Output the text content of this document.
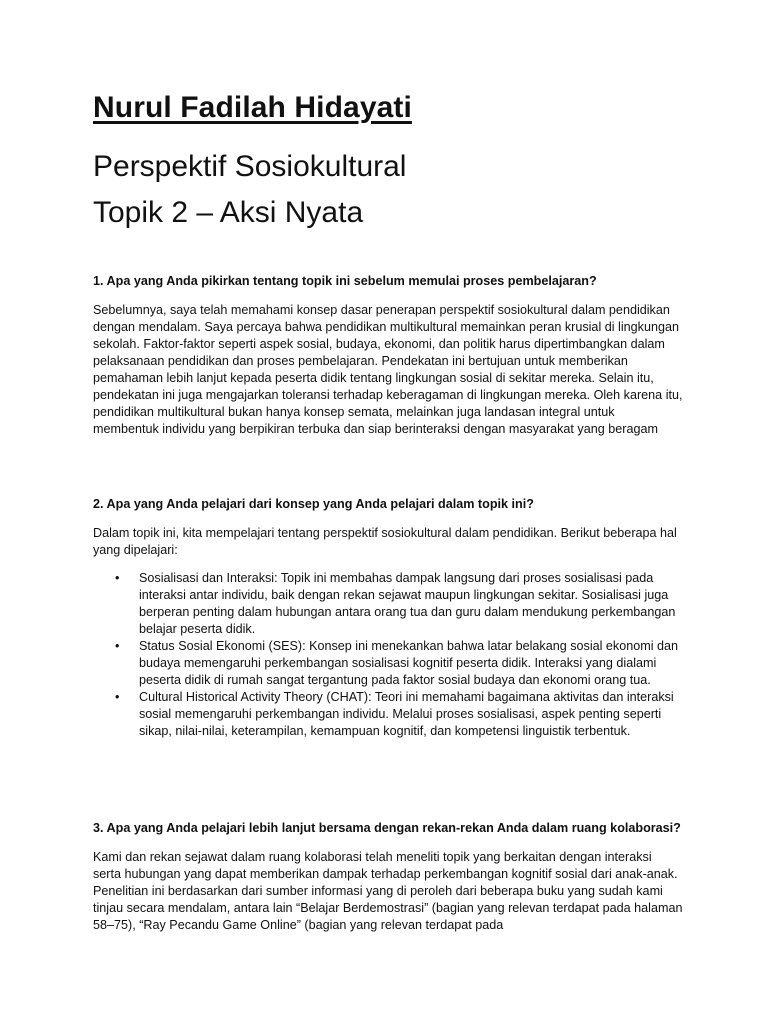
Nurul Fadilah Hidayati
Perspektif Sosiokultural
Topik 2 – Aksi Nyata

1. Apa yang Anda pikirkan tentang topik ini sebelum memulai proses pembelajaran?

Sebelumnya, saya telah memahami konsep dasar penerapan perspektif sosiokultural dalam pendidikan dengan mendalam. Saya percaya bahwa pendidikan multikultural memainkan peran krusial di lingkungan sekolah. Faktor-faktor seperti aspek sosial, budaya, ekonomi, dan politik harus dipertimbangkan dalam pelaksanaan pendidikan dan proses pembelajaran. Pendekatan ini bertujuan untuk memberikan pemahaman lebih lanjut kepada peserta didik tentang lingkungan sosial di sekitar mereka. Selain itu, pendekatan ini juga mengajarkan toleransi terhadap keberagaman di lingkungan mereka. Oleh karena itu, pendidikan multikultural bukan hanya konsep semata, melainkan juga landasan integral untuk membentuk individu yang berpikiran terbuka dan siap berinteraksi dengan masyarakat yang beragam

2. Apa yang Anda pelajari dari konsep yang Anda pelajari dalam topik ini?

Dalam topik ini, kita mempelajari tentang perspektif sosiokultural dalam pendidikan. Berikut beberapa hal yang dipelajari:

• Sosialisasi dan Interaksi: Topik ini membahas dampak langsung dari proses sosialisasi pada interaksi antar individu, baik dengan rekan sejawat maupun lingkungan sekitar. Sosialisasi juga berperan penting dalam hubungan antara orang tua dan guru dalam mendukung perkembangan belajar peserta didik.
• Status Sosial Ekonomi (SES): Konsep ini menekankan bahwa latar belakang sosial ekonomi dan budaya memengaruhi perkembangan sosialisasi kognitif peserta didik. Interaksi yang dialami peserta didik di rumah sangat tergantung pada faktor sosial budaya dan ekonomi orang tua.
• Cultural Historical Activity Theory (CHAT): Teori ini memahami bagaimana aktivitas dan interaksi sosial memengaruhi perkembangan individu. Melalui proses sosialisasi, aspek penting seperti sikap, nilai-nilai, keterampilan, kemampuan kognitif, dan kompetensi linguistik terbentuk.

3. Apa yang Anda pelajari lebih lanjut bersama dengan rekan-rekan Anda dalam ruang kolaborasi?

Kami dan rekan sejawat dalam ruang kolaborasi telah meneliti topik yang berkaitan dengan interaksi serta hubungan yang dapat memberikan dampak terhadap perkembangan kognitif sosial dari anak-anak. Penelitian ini berdasarkan dari sumber informasi yang di peroleh dari beberapa buku yang sudah kami tinjau secara mendalam, antara lain “Belajar Berdemostrasi” (bagian yang relevan terdapat pada halaman 58–75), “Ray Pecandu Game Online” (bagian yang relevan terdapat pada
